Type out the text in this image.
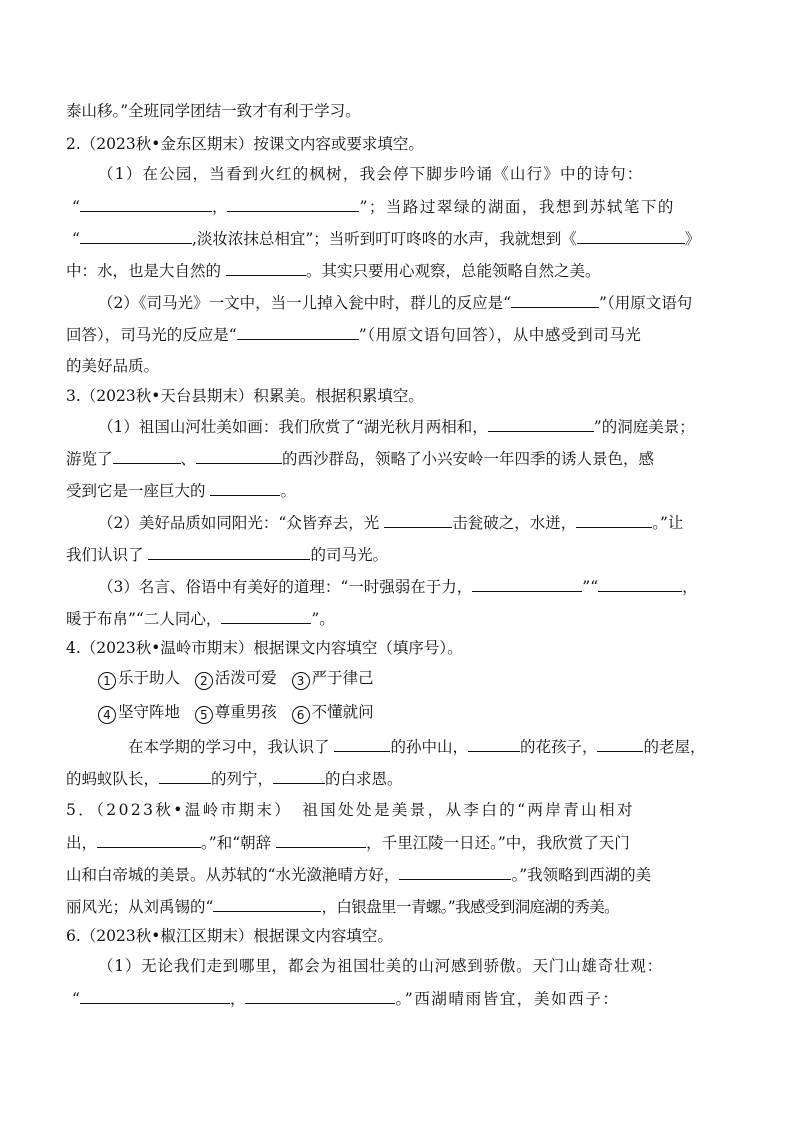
泰山移。”全班同学团结一致才有利于学习。
2.（2023秋•金东区期末）按课文内容或要求填空。
（1）在公园，当看到火红的枫树，我会停下脚步吟诵《山行》中的诗句：
“	，	”；当路过翠绿的湖面，我想到苏轼笔下的
“	,淡妆浓抹总相宜”；当听到叮叮咚咚的水声，我就想到《	》
中：水，也是大自然的	。其实只要用心观察，总能领略自然之美。
（2）《司马光》一文中，当一儿掉入瓮中时，群儿的反应是“	”（用原文语句
回答），司马光的反应是“	”（用原文语句回答），从中感受到司马光
的美好品质。
3.（2023秋•天台县期末）积累美。根据积累填空。
（1）祖国山河壮美如画：我们欣赏了“湖光秋月两相和，	”的洞庭美景；
游览了	、	的西沙群岛，领略了小兴安岭一年四季的诱人景色，感
受到它是一座巨大的	。
（2）美好品质如同阳光：“众皆弃去，光	击瓮破之，水迸，	。”让
我们认识了	的司马光。
（3）名言、俗语中有美好的道理：“一时强弱在于力，	”“	，
暖于布帛”“二人同心，	”。
4.（2023秋•温岭市期末）根据课文内容填空（填序号）。
1 乐于助人 2 活泼可爱 3 严于律己
4 坚守阵地 5 尊重男孩 6 不懂就问
在本学期的学习中，我认识了	的孙中山，	的花孩子，	的老屋，
的蚂蚁队长，	的列宁，	的白求恩。
5．（2023秋•温岭市期末）　祖国处处是美景，从李白的“两岸青山相对
出，	。”和“朝辞	，千里江陵一日还。”中，我欣赏了天门
山和白帝城的美景。从苏轼的“水光潋滟晴方好，	。”我领略到西湖的美
丽风光；从刘禹锡的“	，白银盘里一青螺。”我感受到洞庭湖的秀美。
6.（2023秋•椒江区期末）根据课文内容填空。
（1）无论我们走到哪里，都会为祖国壮美的山河感到骄傲。天门山雄奇壮观：
“	，	。”西湖晴雨皆宜，美如西子：
